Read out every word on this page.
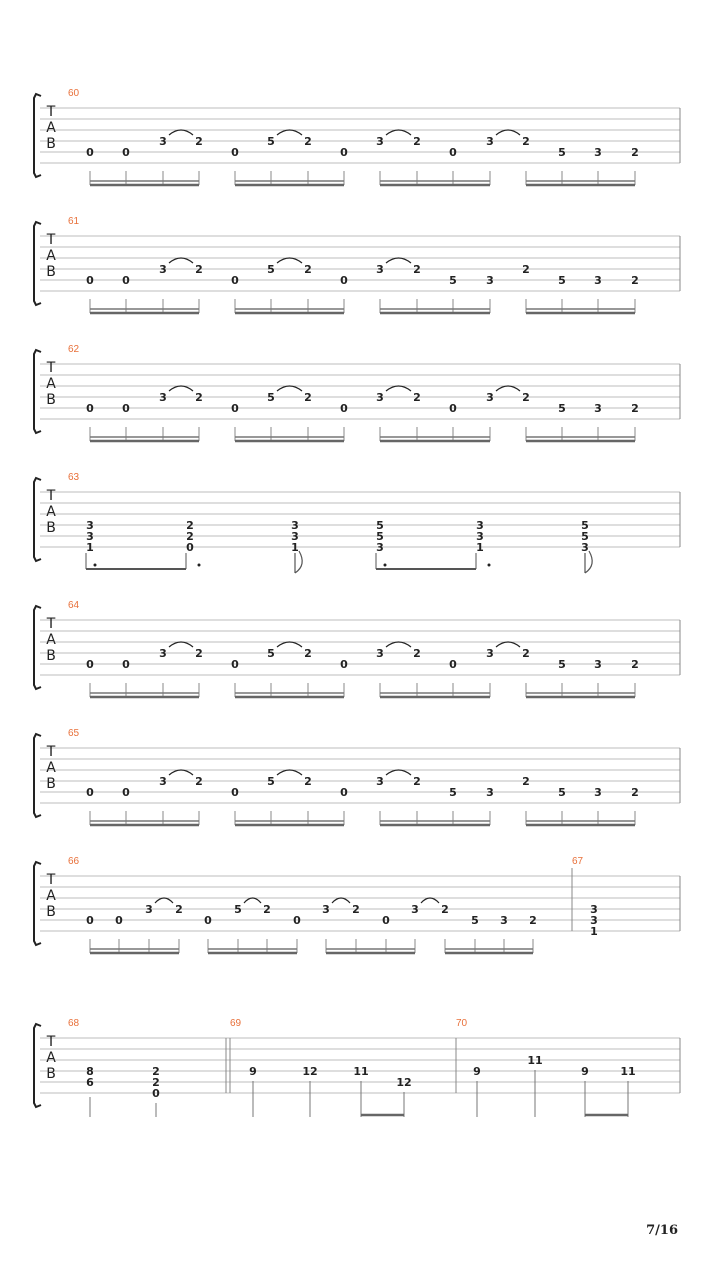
T
A
B
60
0	0
3	2
0
5	2
0
3	2
0
3	2
5	3	2
T
A
B
61
0	0
3	2
0
5	2
0
3	2
5	3
2
5	3	2
T
A
B
62
0	0
3	2
0
5	2
0
3	2
0
3	2
5	3	2
T
A
B
63
3
3
1
2
2
0
3
3
1
5
5
3
3
3
1
5
5
3
T
A
B
64
0	0
3	2
0
5	2
0
3	2
0
3	2
5	3	2
T
A
B
65
0	0
3	2
0
5	2
0
3	2
5	3
2
5	3	2
T
A
B
66
0 0
3 2
0
5 2
0
3 2
0
3 2
5 3 2
67
3
3
1
T
A
B
68
8
6
2
2
0
69
9	12	11
12
70
9
11
9	11
7/16
